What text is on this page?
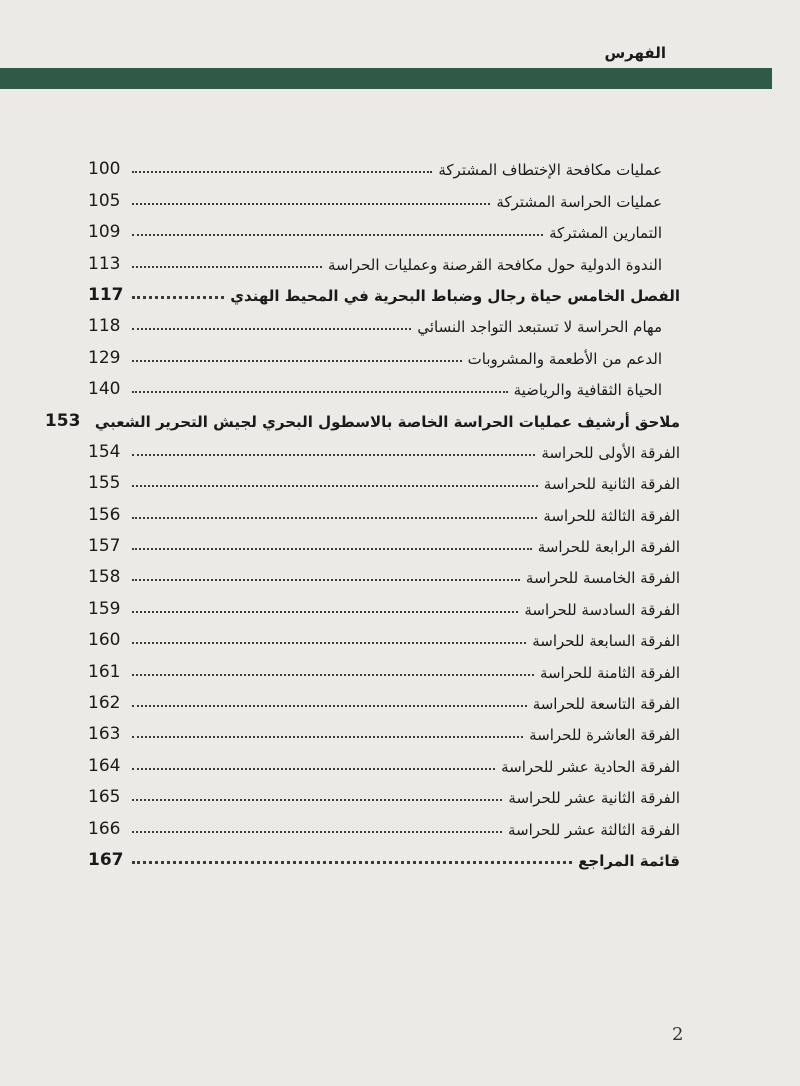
الفهرس
عمليات مكافحة الإختطاف المشتركة
100
عمليات الحراسة المشتركة
105
التمارين المشتركة
109
الندوة الدولية حول مكافحة القرصنة وعمليات الحراسة
113
الفصل الخامس حياة رجال وضباط البحرية في المحيط الهندي
117
مهام الحراسة لا تستبعد التواجد النسائي
118
الدعم من الأطعمة والمشروبات
129
الحياة الثقافية والرياضية
140
ملاحق أرشيف عمليات الحراسة الخاصة بالاسطول البحري لجيش التحرير الشعبي
153
الفرقة الأولى للحراسة
154
الفرقة الثانية للحراسة
155
الفرقة الثالثة للحراسة
156
الفرقة الرابعة للحراسة
157
الفرقة الخامسة للحراسة
158
الفرقة السادسة للحراسة
159
الفرقة السابعة للحراسة
160
الفرقة الثامنة للحراسة
161
الفرقة التاسعة للحراسة
162
الفرقة العاشرة للحراسة
163
الفرقة الحادية عشر للحراسة
164
الفرقة الثانية عشر للحراسة
165
الفرقة الثالثة عشر للحراسة
166
قائمة المراجع
167
2
